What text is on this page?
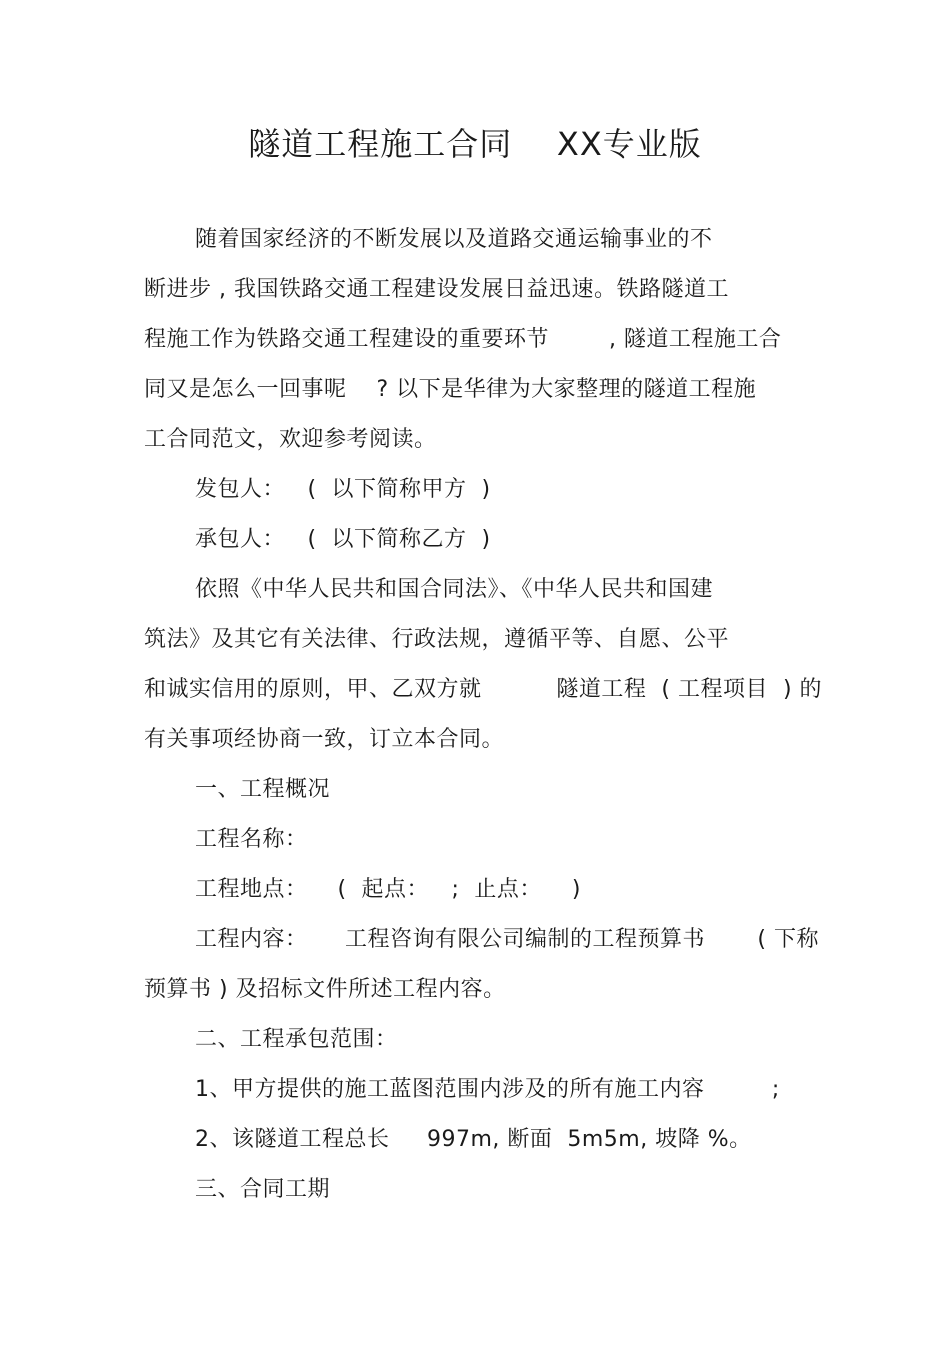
隧道工程施工合同    XX专业版
随着国家经济的不断发展以及道路交通运输事业的不
断进步 , 我国铁路交通工程建设发展日益迅速。铁路隧道工
程施工作为铁路交通工程建设的重要环节        , 隧道工程施工合
同又是怎么一回事呢    ? 以下是华律为大家整理的隧道工程施
工合同范文，欢迎参考阅读。
发包人：   (  以下简称甲方  )
承包人：   (  以下简称乙方  )
依照《中华人民共和国合同法》、《中华人民共和国建
筑法》及其它有关法律、行政法规，遵循平等、自愿、公平
和诚实信用的原则，甲、乙双方就          隧道工程  ( 工程项目  ) 的
有关事项经协商一致，订立本合同。
一、工程概况
工程名称：
工程地点：    (  起点：   ;  止点：    )
工程内容：     工程咨询有限公司编制的工程预算书       ( 下称
预算书 ) 及招标文件所述工程内容。
二、工程承包范围：
1、甲方提供的施工蓝图范围内涉及的所有施工内容         ;
2、该隧道工程总长     997m, 断面  5m5m, 坡降 %。
三、合同工期
